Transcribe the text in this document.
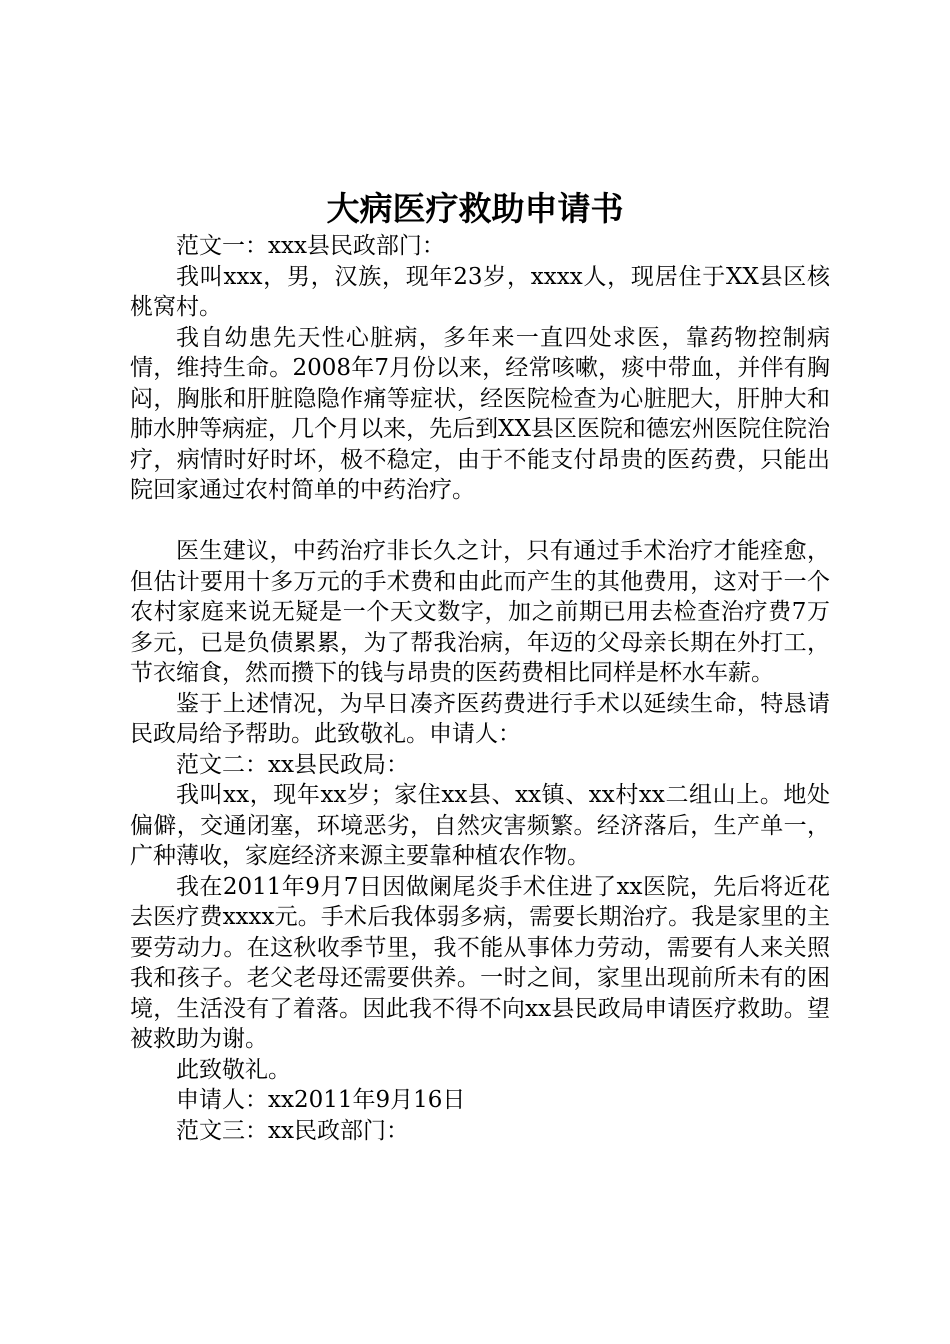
大病医疗救助申请书

范文一：xxx县民政部门：

我叫xxx，男，汉族，现年23岁，xxxx人，现居住于XX县区核桃窝村。

我自幼患先天性心脏病，多年来一直四处求医，靠药物控制病情，维持生命。2008年7月份以来，经常咳嗽，痰中带血，并伴有胸闷，胸胀和肝脏隐隐作痛等症状，经医院检查为心脏肥大，肝肿大和肺水肿等病症，几个月以来，先后到XX县区医院和德宏州医院住院治疗，病情时好时坏，极不稳定，由于不能支付昂贵的医药费，只能出院回家通过农村简单的中药治疗。

医生建议，中药治疗非长久之计，只有通过手术治疗才能痊愈，但估计要用十多万元的手术费和由此而产生的其他费用，这对于一个农村家庭来说无疑是一个天文数字，加之前期已用去检查治疗费7万多元，已是负债累累，为了帮我治病，年迈的父母亲长期在外打工，节衣缩食，然而攒下的钱与昂贵的医药费相比同样是杯水车薪。

鉴于上述情况，为早日凑齐医药费进行手术以延续生命，特恳请民政局给予帮助。此致敬礼。申请人：

范文二：xx县民政局：

我叫xx，现年xx岁；家住xx县、xx镇、xx村xx二组山上。地处偏僻，交通闭塞，环境恶劣，自然灾害频繁。经济落后，生产单一，广种薄收，家庭经济来源主要靠种植农作物。

我在2011年9月7日因做阑尾炎手术住进了xx医院，先后将近花去医疗费xxxx元。手术后我体弱多病，需要长期治疗。我是家里的主要劳动力。在这秋收季节里，我不能从事体力劳动，需要有人来关照我和孩子。老父老母还需要供养。一时之间，家里出现前所未有的困境，生活没有了着落。因此我不得不向xx县民政局申请医疗救助。望被救助为谢。

此致敬礼。

申请人：xx2011年9月16日

范文三：xx民政部门：
